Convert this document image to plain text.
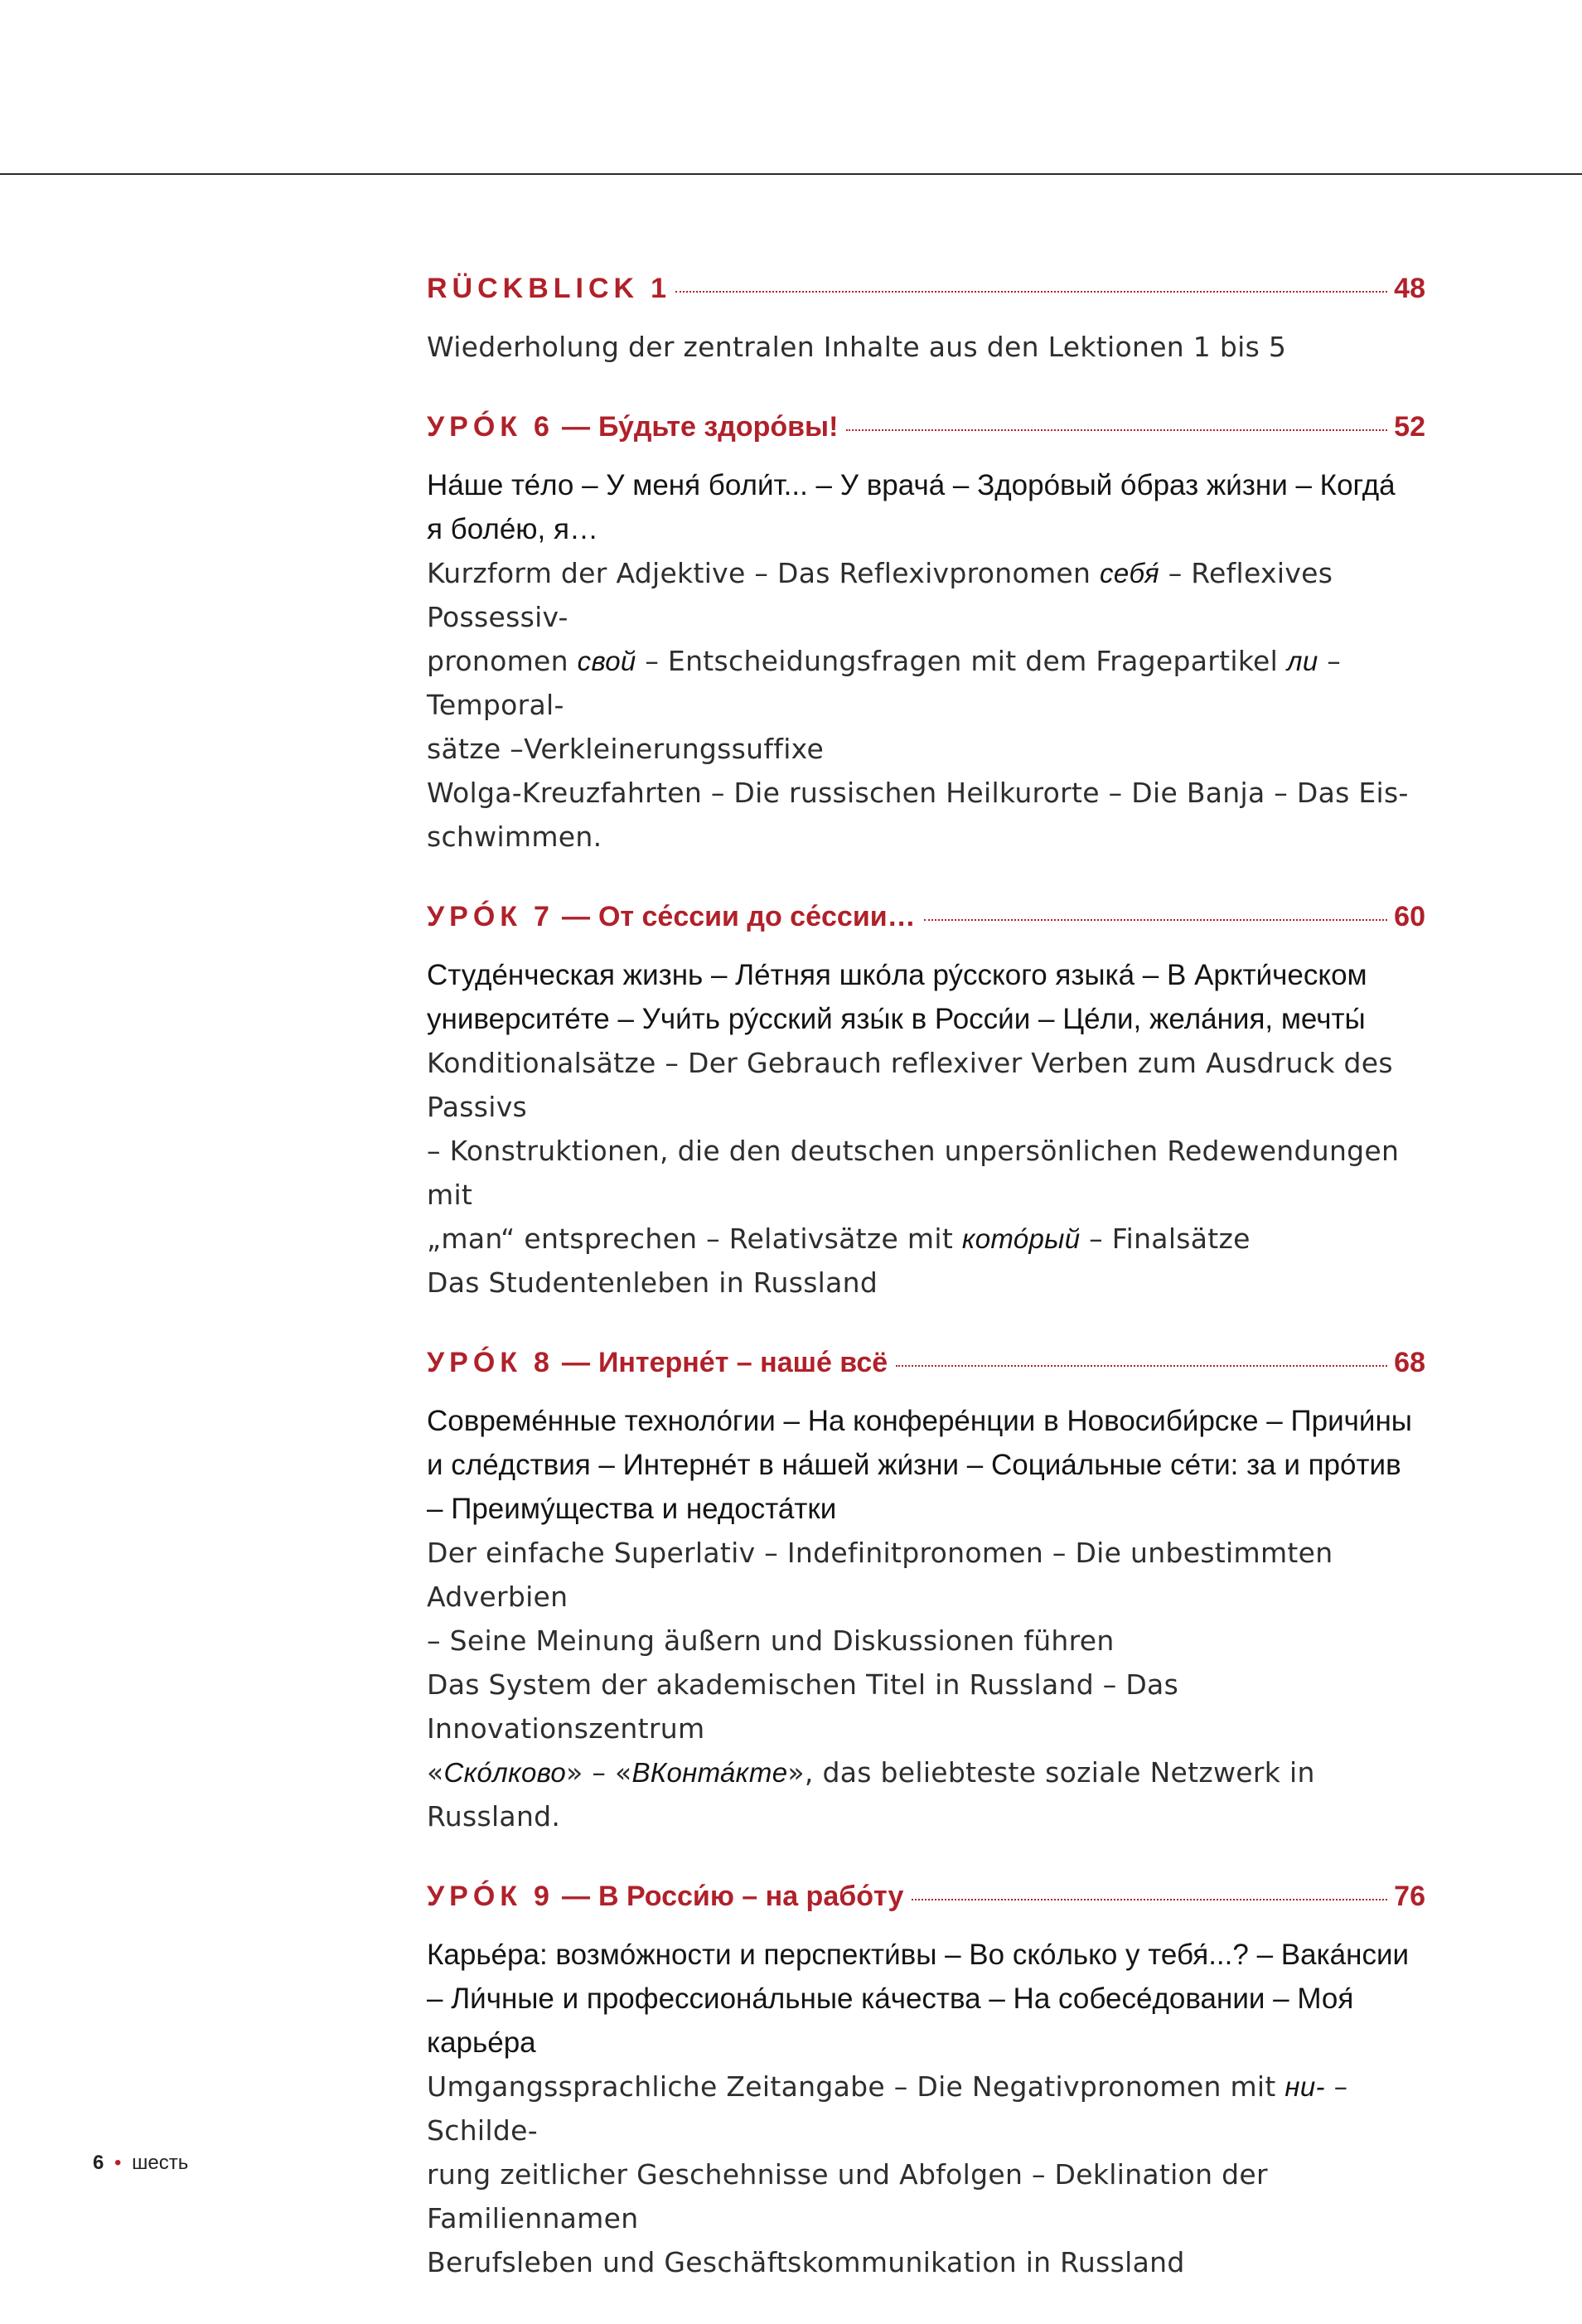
RÜCKBLICK 1	48
Wiederholung der zentralen Inhalte aus den Lektionen 1 bis 5
УРÓК 6 — Бу́дьте здоро́вы!	52
На́ше те́ло – У меня́ боли́т... – У врача́ – Здоро́вый о́браз жи́зни – Когда́
я боле́ю, я…
Kurzform der Adjektive – Das Reflexivpronomen себя́ – Reflexives Possessiv-
pronomen свой – Entscheidungsfragen mit dem Fragepartikel ли – Temporal-
sätze –Verkleinerungssuffixe
Wolga-Kreuzfahrten – Die russischen Heilkurorte – Die Banja – Das Eis-
schwimmen.
УРÓК 7 — От се́ссии до се́ссии…	60
Студе́нческая жизнь – Ле́тняя шко́ла ру́сского языка́ – В Аркти́ческом
университе́те – Учи́ть ру́сский язы́к в Росси́и – Це́ли, жела́ния, мечты́
Konditionalsätze – Der Gebrauch reflexiver Verben zum Ausdruck des Passivs
– Konstruktionen, die den deutschen unpersönlichen Redewendungen mit
„man“ entsprechen – Relativsätze mit кото́рый – Finalsätze
Das Studentenleben in Russland
УРÓК 8 — Интерне́т – наше́ всё	68
Совреме́нные техноло́гии – На конфере́нции в Новосиби́рске – Причи́ны
и сле́дствия – Интерне́т в на́шей жи́зни – Социа́льные се́ти: за и про́тив
– Преиму́щества и недоста́тки
Der einfache Superlativ – Indefinitpronomen – Die unbestimmten Adverbien
– Seine Meinung äußern und Diskussionen führen
Das System der akademischen Titel in Russland – Das Innovationszentrum
«Ско́лково» – «ВКонта́кте», das beliebteste soziale Netzwerk in Russland.
УРÓК 9 — В Росси́ю – на рабо́ту	76
Карье́ра: возмо́жности и перспекти́вы – Во ско́лько у тебя́...? – Вака́нсии
– Ли́чные и профессиона́льные ка́чества – На собесе́довании – Моя́
карье́ра
Umgangssprachliche Zeitangabe – Die Negativpronomen mit ни- – Schilde-
rung zeitlicher Geschehnisse und Abfolgen – Deklination der Familiennamen
Berufsleben und Geschäftskommunikation in Russland
6 • шесть
